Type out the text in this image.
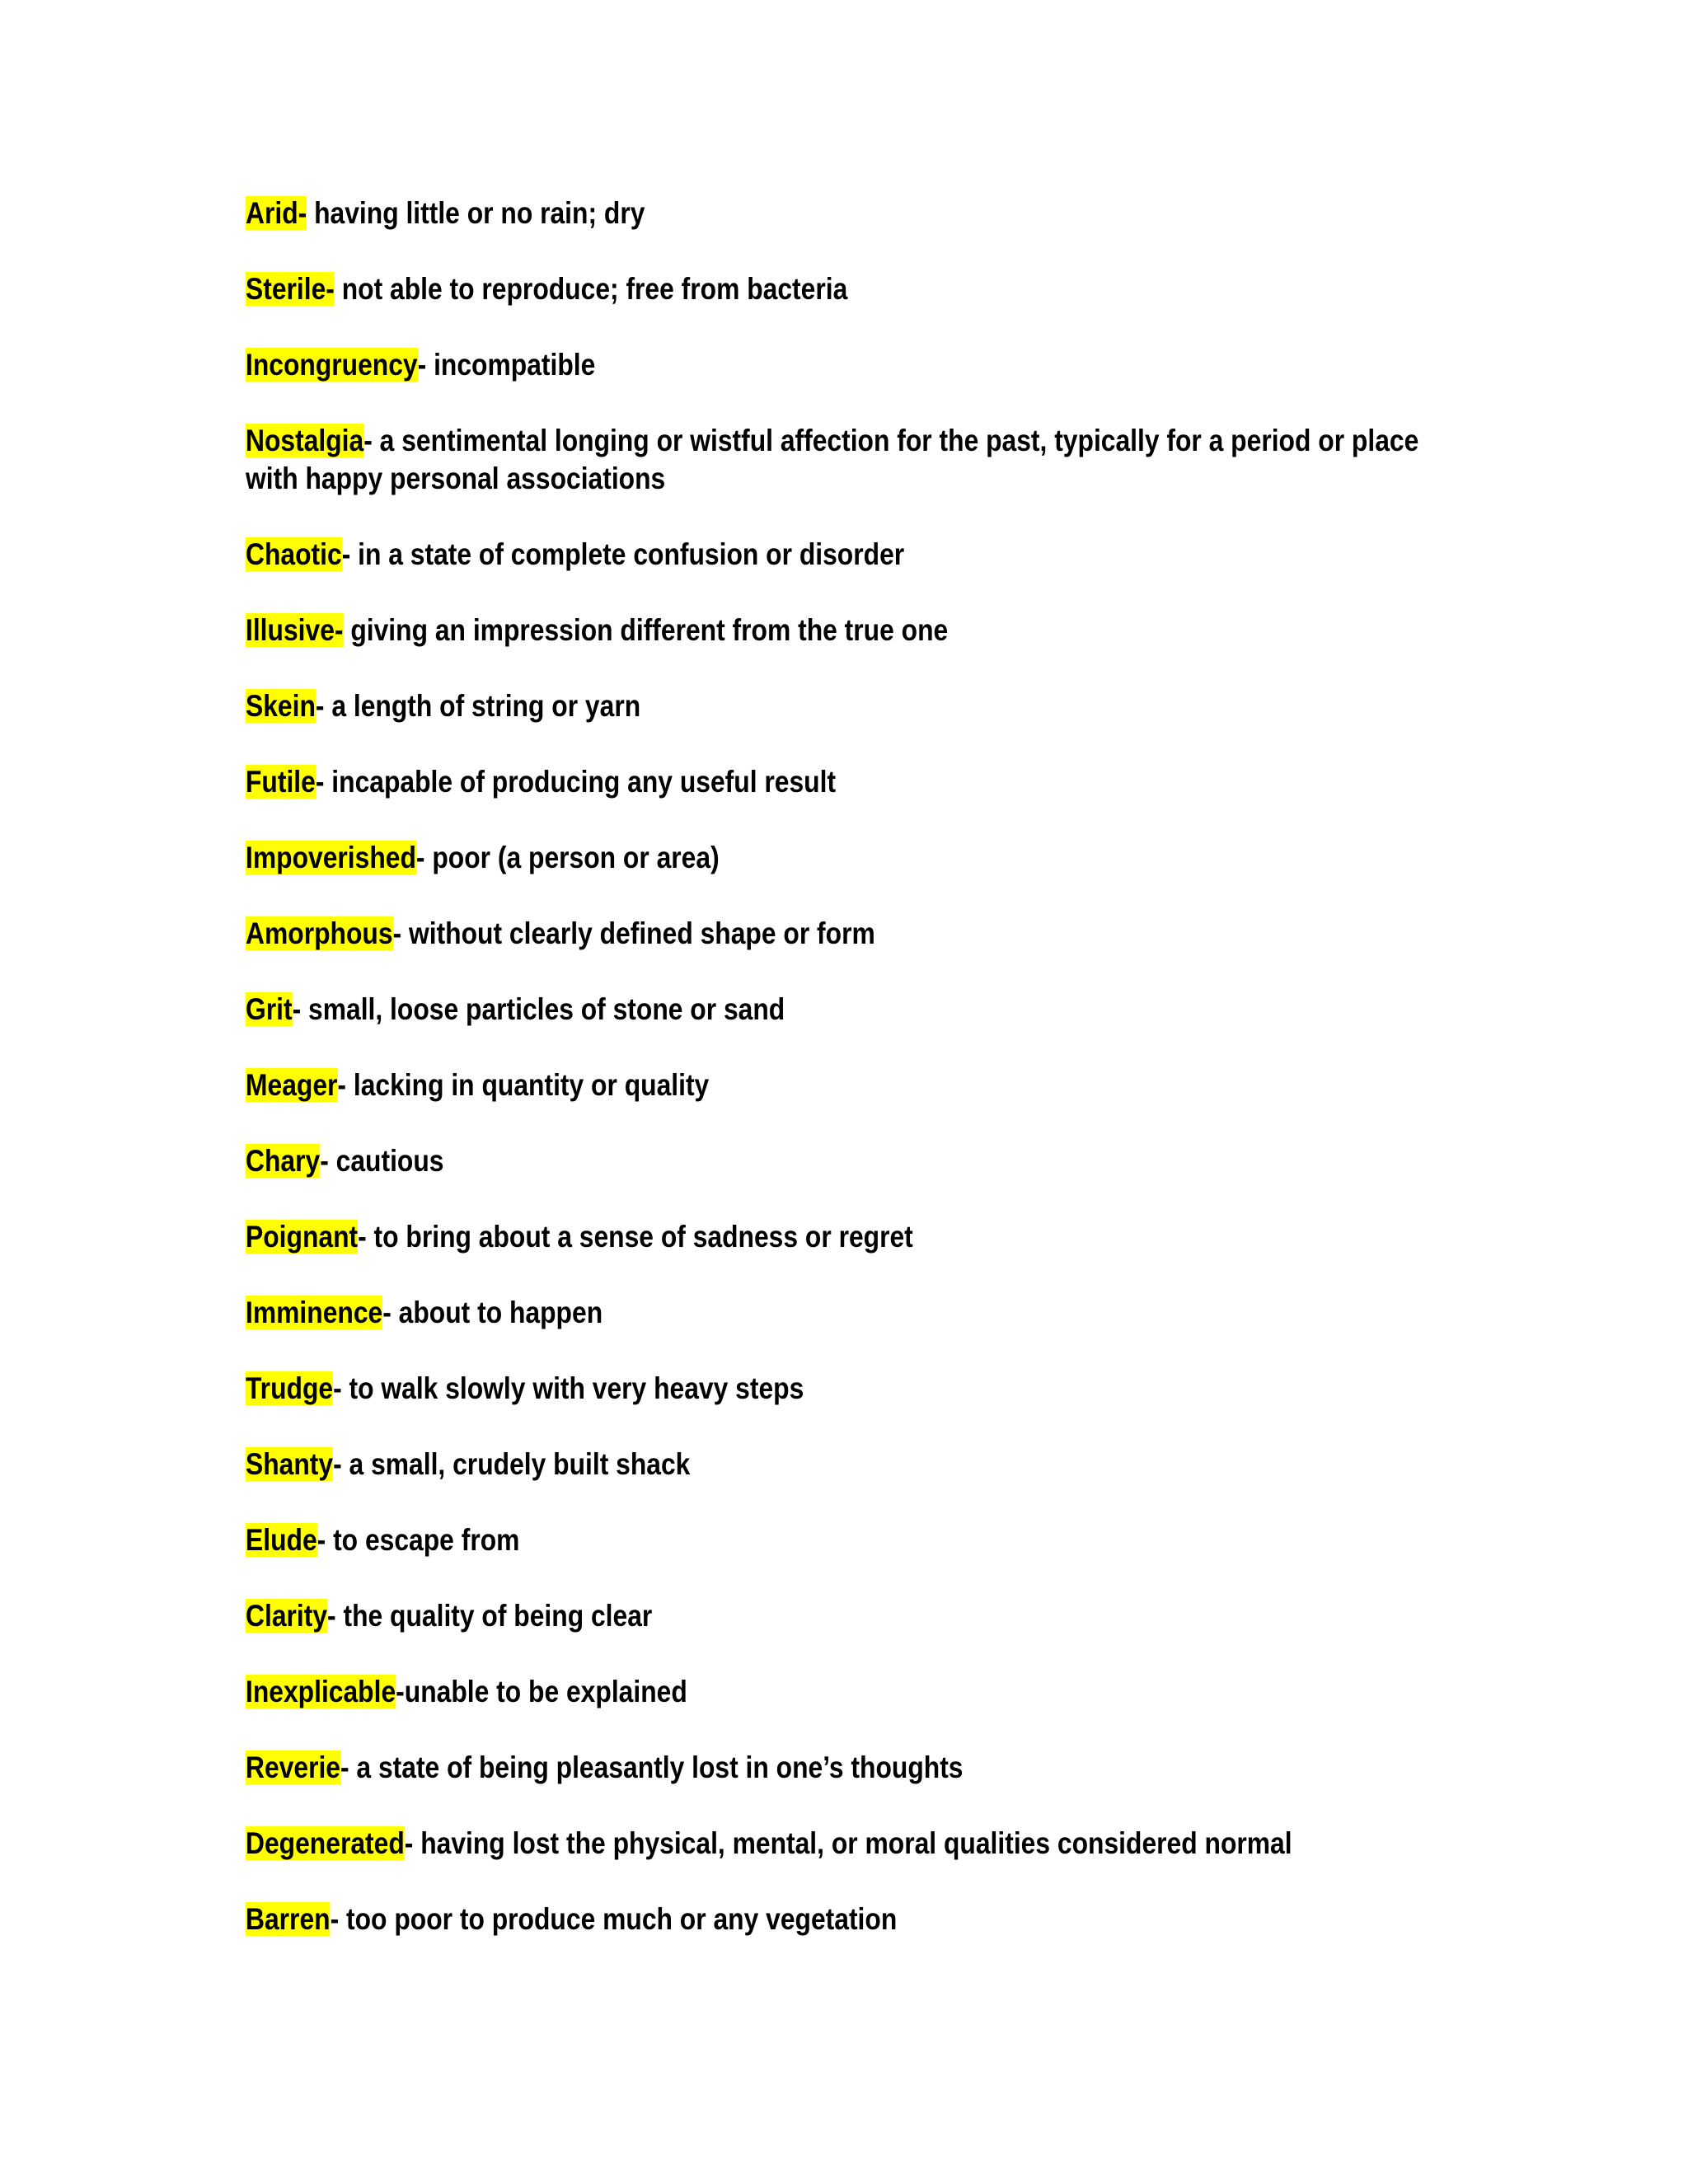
Arid- having little or no rain; dry
Sterile- not able to reproduce; free from bacteria
Incongruency- incompatible
Nostalgia- a sentimental longing or wistful affection for the past, typically for a period or place with happy personal associations
Chaotic- in a state of complete confusion or disorder
Illusive- giving an impression different from the true one
Skein- a length of string or yarn
Futile- incapable of producing any useful result
Impoverished- poor (a person or area)
Amorphous- without clearly defined shape or form
Grit- small, loose particles of stone or sand
Meager- lacking in quantity or quality
Chary- cautious
Poignant- to bring about a sense of sadness or regret
Imminence- about to happen
Trudge- to walk slowly with very heavy steps
Shanty- a small, crudely built shack
Elude- to escape from
Clarity- the quality of being clear
Inexplicable-unable to be explained
Reverie- a state of being pleasantly lost in one’s thoughts
Degenerated- having lost the physical, mental, or moral qualities considered normal
Barren- too poor to produce much or any vegetation
